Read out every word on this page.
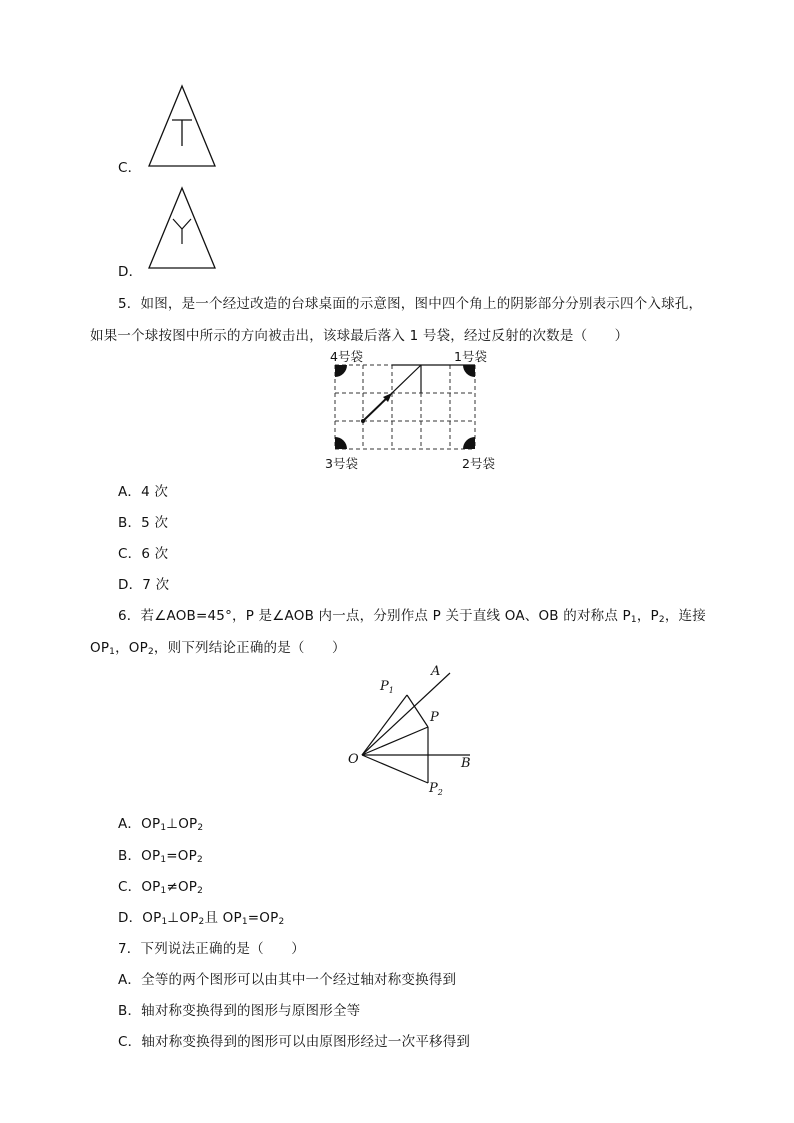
C．
D．
5．如图，是一个经过改造的台球桌面的示意图，图中四个角上的阴影部分分别表示四个入球孔，
如果一个球按图中所示的方向被击出，该球最后落入 1 号袋，经过反射的次数是（　　）
4号袋	1号袋
3号袋	2号袋
A．4 次
B．5 次
C．6 次
D．7 次
6．若∠AOB=45°，P 是∠AOB 内一点，分别作点 P 关于直线 OA、OB 的对称点 $P_1$，$P_2$，连接
$OP_1$，$OP_2$，则下列结论正确的是（　　）
O
A
B
P
$P_1$
$P_2$
A．$OP_1\perp OP_2$
B．$OP_1=OP_2$
C．$OP_1\ne OP_2$
D．$OP_1\perp OP_2$且 $OP_1=OP_2$
7．下列说法正确的是（　　）
A．全等的两个图形可以由其中一个经过轴对称变换得到
B．轴对称变换得到的图形与原图形全等
C．轴对称变换得到的图形可以由原图形经过一次平移得到
